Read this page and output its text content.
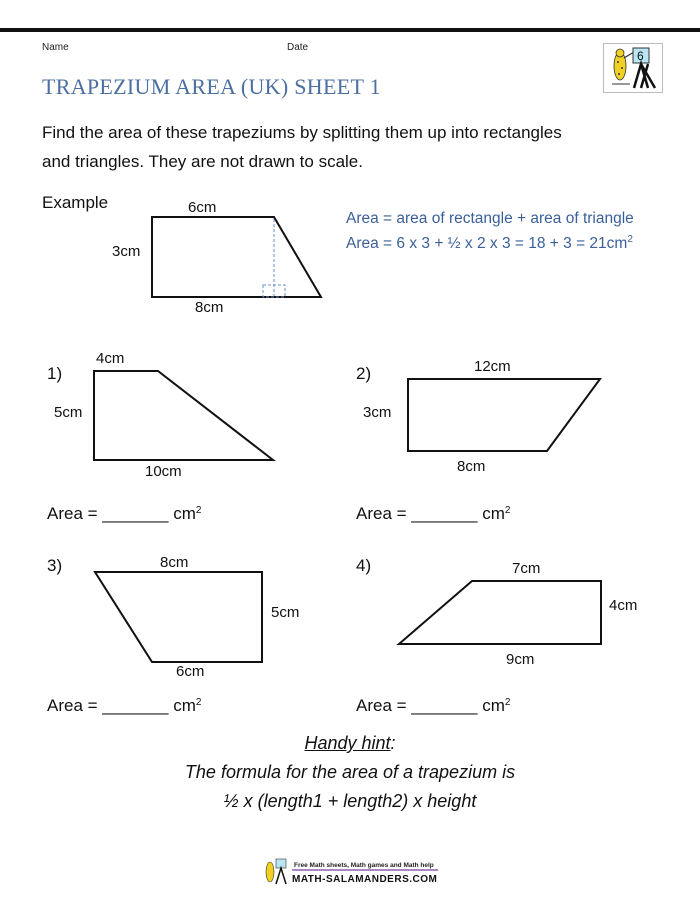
Name	Date
TRAPEZIUM AREA (UK) SHEET 1
6
Find the area of these trapeziums by splitting them up into rectangles
and triangles. They are not drawn to scale.
Example	6cm
3cm
8cm
Area = area of rectangle + area of triangle
Area = 6 x 3 + ½ x 2 x $3 = 18 + 3 = 21cm^2$
1)
4cm
5cm
10cm
Area = _______ $cm^2$
2)	12cm
3cm
8cm
Area = _______ $cm^2$
3)	8cm
5cm
6cm
Area = _______ $cm^2$
4)	7cm
4cm
9cm
Area = _______ $cm^2$
Handy hint:
The formula for the area of a trapezium is
½ x (length1 + length2) x height
Free Math sheets, Math games and Math help
MATH-SALAMANDERS.COM
